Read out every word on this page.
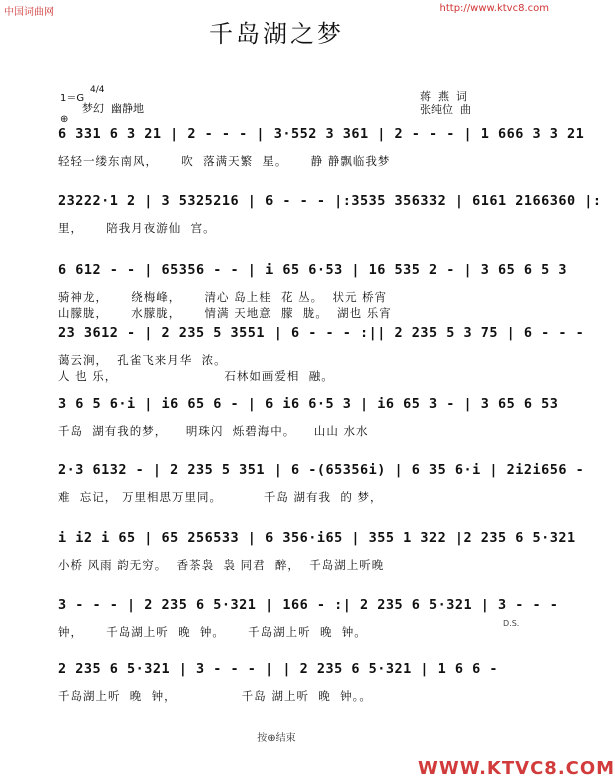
中国词曲网	http://www.ktvc8.com
千岛湖之梦
1＝G
4/4
梦幻  幽静地
蒋  燕  词
张纯位  曲
⊕
6 331 6 3 21 | 2 - - - | 3·552 3 361 | 2 - - - | 1 666 3 3 21
轻轻一缕东南风，     吹  落满天繁  星。     静 静飘临我梦
23222·1 2 | 3 5325216 | 6 - - - |:3535 356332 | 6161 2166360 |:
里，     陪我月夜游仙  宫。
6 612 - - | 65356 - - | i 65 6·53 | 16 535 2 - | 3 65 6 5 3
骑神龙，     绕梅峰，     清心 岛上桂  花 丛。  状元 桥宵
山朦胧，     水朦胧，     情满 天地意  朦  胧。  湖也 乐宵
23 3612 - | 2 235 5 3551 | 6 - - - :|| 2 235 5 3 75 | 6 - - -
蔼云涧，  孔雀飞来月华  浓。
人 也 乐，                       石林如画爱相  融。
3 6 5 6·i | i6 65 6 - | 6 i6 6·5 3 | i6 65 3 - | 3 65 6 53
千岛  湖有我的梦，    明珠闪  烁碧海中。    山山 水水
2·3 6132 - | 2 235 5 351 | 6 -(65356i) | 6 35 6·i | 2i2i656 -
难  忘记， 万里相思万里同。         千岛 湖有我  的 梦，
i i2 i 65 | 65 256533 | 6 356·i65 | 355 1 322 |2 235 6 5·321
小桥 风雨 韵无穷。  香茶袅  袅 同君  醉，  千岛湖上听晚
3 - - - | 2 235 6 5·321 | 166 - :| 2 235 6 5·321 | 3 - - -
钟，     千岛湖上听  晚  钟。     千岛湖上听  晚  钟。
2 235 6 5·321 | 3 - - - | | 2 235 6 5·321 | 1 6 6 -
千岛湖上听  晚  钟，              千岛 湖上听  晚  钟。。
D.S.
按⊕结束
WWW.KTVC8.COM
